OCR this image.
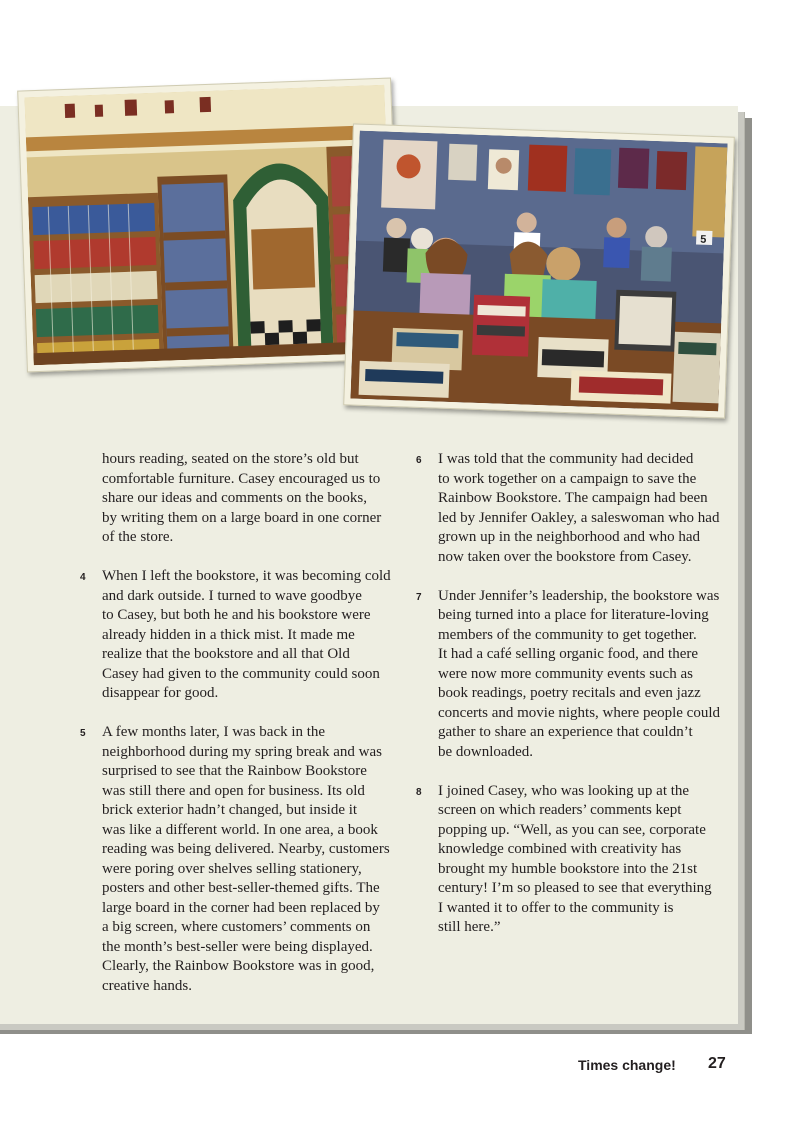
5
hours reading, seated on the store’s old but
comfortable furniture. Casey encouraged us to
share our ideas and comments on the books,
by writing them on a large board in one corner
of the store.
4 When I left the bookstore, it was becoming cold
and dark outside. I turned to wave goodbye
to Casey, but both he and his bookstore were
already hidden in a thick mist. It made me
realize that the bookstore and all that Old
Casey had given to the community could soon
disappear for good.
5 A few months later, I was back in the
neighborhood during my spring break and was
surprised to see that the Rainbow Bookstore
was still there and open for business. Its old
brick exterior hadn’t changed, but inside it
was like a different world. In one area, a book
reading was being delivered. Nearby, customers
were poring over shelves selling stationery,
posters and other best-seller-themed gifts. The
large board in the corner had been replaced by
a big screen, where customers’ comments on
the month’s best-seller were being displayed.
Clearly, the Rainbow Bookstore was in good,
creative hands.
6 I was told that the community had decided
to work together on a campaign to save the
Rainbow Bookstore. The campaign had been
led by Jennifer Oakley, a saleswoman who had
grown up in the neighborhood and who had
now taken over the bookstore from Casey.
7 Under Jennifer’s leadership, the bookstore was
being turned into a place for literature-loving
members of the community to get together.
It had a café selling organic food, and there
were now more community events such as
book readings, poetry recitals and even jazz
concerts and movie nights, where people could
gather to share an experience that couldn’t
be downloaded.
8 I joined Casey, who was looking up at the
screen on which readers’ comments kept
popping up. “Well, as you can see, corporate
knowledge combined with creativity has
brought my humble bookstore into the 21st
century! I’m so pleased to see that everything
I wanted it to offer to the community is
still here.”
Times change! 27
